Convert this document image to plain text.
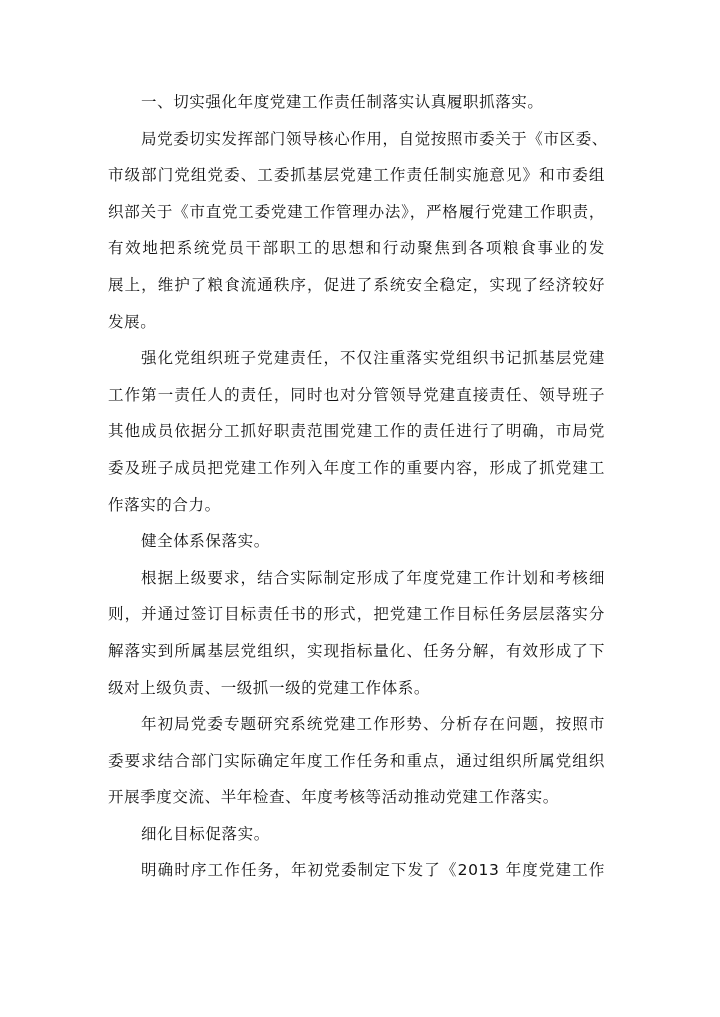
一、切实强化年度党建工作责任制落实认真履职抓落实。
局党委切实发挥部门领导核心作用，自觉按照市委关于《市区委、
市级部门党组党委、工委抓基层党建工作责任制实施意见》和市委组
织部关于《市直党工委党建工作管理办法》，严格履行党建工作职责，
有效地把系统党员干部职工的思想和行动聚焦到各项粮食事业的发
展上，维护了粮食流通秩序，促进了系统安全稳定，实现了经济较好
发展。
强化党组织班子党建责任，不仅注重落实党组织书记抓基层党建
工作第一责任人的责任，同时也对分管领导党建直接责任、领导班子
其他成员依据分工抓好职责范围党建工作的责任进行了明确，市局党
委及班子成员把党建工作列入年度工作的重要内容，形成了抓党建工
作落实的合力。
健全体系保落实。
根据上级要求，结合实际制定形成了年度党建工作计划和考核细
则，并通过签订目标责任书的形式，把党建工作目标任务层层落实分
解落实到所属基层党组织，实现指标量化、任务分解，有效形成了下
级对上级负责、一级抓一级的党建工作体系。
年初局党委专题研究系统党建工作形势、分析存在问题，按照市
委要求结合部门实际确定年度工作任务和重点，通过组织所属党组织
开展季度交流、半年检查、年度考核等活动推动党建工作落实。
细化目标促落实。
明确时序工作任务，年初党委制定下发了《2013 年度党建工作
